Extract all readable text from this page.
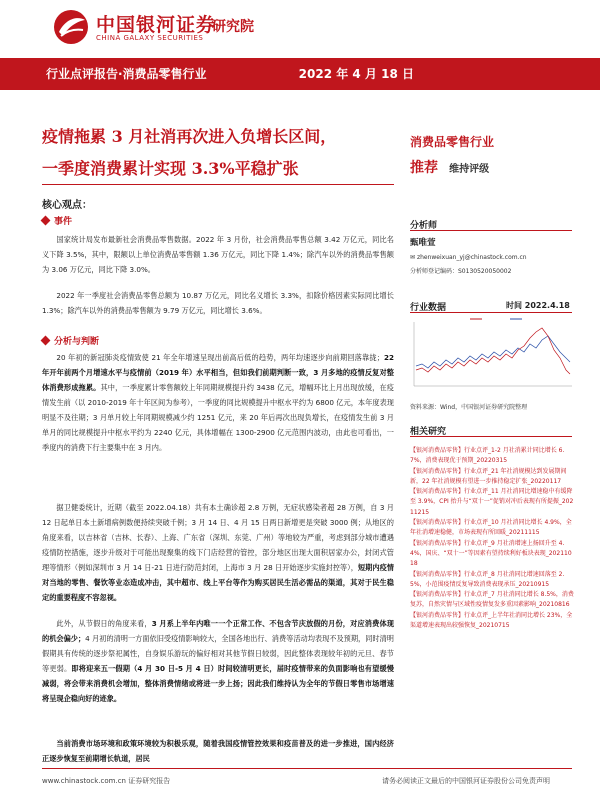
中国银河证券
CHINA GALAXY SECURITIES
研究院
行业点评报告·消费品零售行业	2022 年 4 月 18 日
疫情拖累 3 月社消再次进入负增长区间，
一季度消费累计实现 3.3%平稳扩张
消费品零售行业
推荐 维持评级
核心观点：
事件
国家统计局发布最新社会消费品零售数据。2022 年 3 月份，社会消费品零售总额 3.42 万亿元，同比名义下降 3.5%，其中，限额以上单位消费品零售额 1.36 万亿元，同比下降 1.4%；除汽车以外的消费品零售额为 3.06 万亿元，同比下降 3.0%。
2022 年一季度社会消费品零售总额为 10.87 万亿元，同比名义增长 3.3%，扣除价格因素实际同比增长 1.3%；除汽车以外的消费品零售额为 9.79 万亿元，同比增长 3.6%。
分析与判断
20 年初的新冠肺炎疫情致使 21 年全年增速呈现出前高后低的趋势，两年均速逐步向前期回落靠拢；22 年开年前两个月增速水平与疫情前（2019 年）水平相当，但如我们前期判断一致，3 月多地的疫情反复对整体消费形成拖累。其中，一季度累计零售额较上年同期规模提升约 3438 亿元，增幅环比上月出现放缓，在疫情发生前（以 2010-2019 年十年区间为参考），一季度的同比规模提升中枢水平约为 6800 亿元，本年度表现明显不及往期；3 月单月较上年同期规模减少约 1251 亿元，来 20 年后再次出现负增长，在疫情发生前 3 月单月的同比规模提升中枢水平约为 2240 亿元，具体增幅在 1300-2900 亿元范围内波动，由此也可看出，一季度内的消费下行主要集中在 3 月内。
据卫健委统计，近期（截至 2022.04.18）共有本土确诊超 2.8 万例，无症状感染者超 28 万例，自 3 月 12 日起单日本土新增病例数便持续突破千例；3 月 14 日、4 月 15 日两日新增更是突破 3000 例；从地区的角度来看，以吉林省（吉林、长春）、上海、广东省（深圳、东莞、广州）等地较为严重，考虑到部分城市遭遇疫情防控措施，逐步升级对于可能出现聚集的线下门店经营的管控，部分地区出现大面积居家办公，封闭式管理等情形（例如深圳市 3 月 14 日-21 日进行防范封闭，上海市 3 月 28 日开始逐步实施封控等），短期内疫情对当地的零售、餐饮等业态造成冲击，其中超市、线上平台等作为购买居民生活必需品的渠道，其对于民生稳定的重要程度不容忽视。
此外，从节假日的角度来看，3 月系上半年内唯一一个正常工作、不包含节庆放假的月份，对应消费体现的机会偏少；4 月初的清明一方面依旧受疫情影响较大，全国各地出行、消费等活动均表现不及预期，同时清明假期具有传统的逐步祭祀属性，自身娱乐游玩的偏好相对其他节假日较弱，因此整体表现较年初的元旦、春节等更弱。即将迎来五一假期（4 月 30 日-5 月 4 日）时间较清明更长，届时疫情带来的负面影响也有望缓慢减弱，将会带来消费机会增加，整体消费情绪或将进一步上扬；因此我们维持认为全年的节假日零售市场增速将呈现企稳向好的迹象。
当前消费市场环境和政策环境较为积极乐观，随着我国疫情管控效果和疫苗普及的进一步推进，国内经济正逐步恢复至前期增长轨道，居民
分析师
甄唯萱
✉ zhenweixuan_yj@chinastock.com.cn
分析师登记编码：S0130520050002
行业数据	时间 2022.4.18
资料来源：Wind，中国银河证券研究院整理
相关研究
【银河消费品零售】行业点评_1-2 月社消累计同比增长 6.7%，消费表现优于预期_20220315
【银河消费品零售】行业点评_21 年社消规模达到发展期间新，22 年社消规模有望进一步推持稳定扩张_20220117
【银河消费品零售】行业点评_11 月社消同比增速稳中有缓降至 3.9%，CPI 抬升与“双十一”促销对冲后表现有所提振_20211215
【银河消费品零售】行业点评_10 月社消同比增长 4.9%，全年社消增速稳健，市场表现有所回暖_20211115
【银河消费品零售】行业点评_9 月社消增速上扬回升至 4.4%，国庆、“双十一”等因素有望持续利好板块表现_20211018
【银河消费品零售】行业点评_8 月社消同比增速回落至 2.5%，小范围疫情反复导致消费表现承压_20210915
【银河消费品零售】行业点评_7 月社消同比增长 8.5%，消费复苏，自然灾情与区域性疫情复发多重因素影响_20210816
【银河消费品零售】行业点评_上半年社消同比增长 23%，全渠道增速表现出较强恢复_20210715
www.chinastock.com.cn 证券研究报告	请务必阅读正文最后的中国银河证券股份公司免责声明
